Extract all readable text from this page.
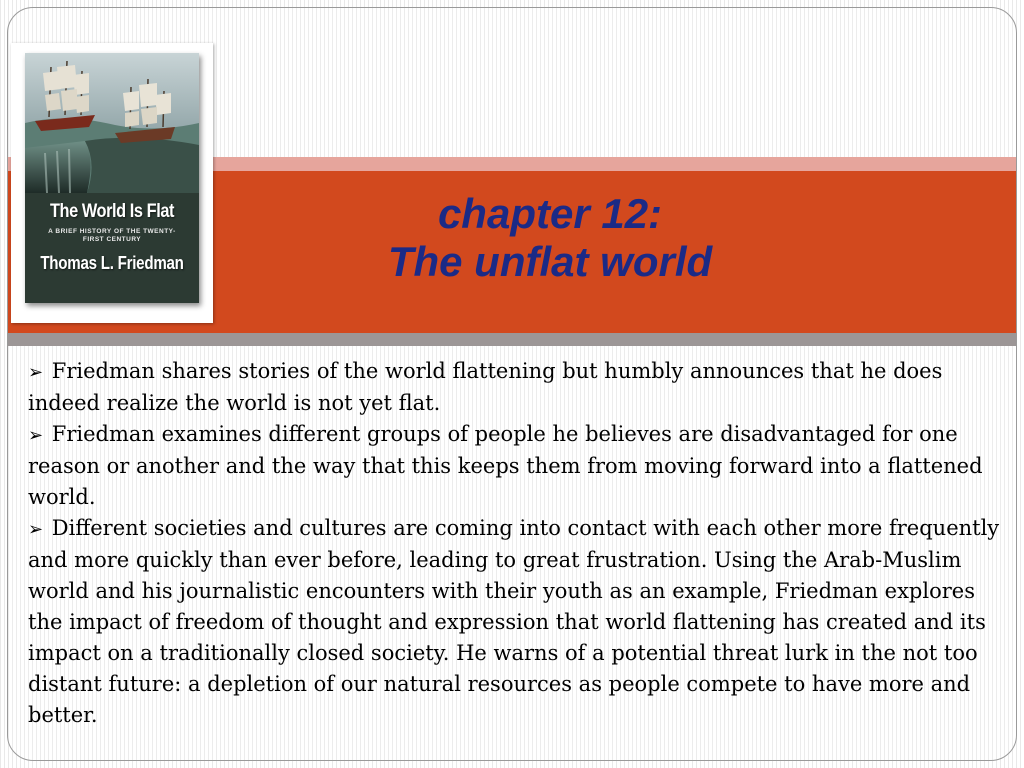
chapter 12:
The unflat world
The World Is Flat
A BRIEF HISTORY OF THE TWENTY-FIRST CENTURY
Thomas L. Friedman

➢ Friedman shares stories of the world flattening but humbly announces that he does indeed realize the world is not yet flat.

➢ Friedman examines different groups of people he believes are disadvantaged for one reason or another and the way that this keeps them from moving forward into a flattened world.

➢ Different societies and cultures are coming into contact with each other more frequently and more quickly than ever before, leading to great frustration. Using the Arab-Muslim world and his journalistic encounters with their youth as an example, Friedman explores the impact of freedom of thought and expression that world flattening has created and its impact on a traditionally closed society. He warns of a potential threat lurk in the not too distant future: a depletion of our natural resources as people compete to have more and better.
